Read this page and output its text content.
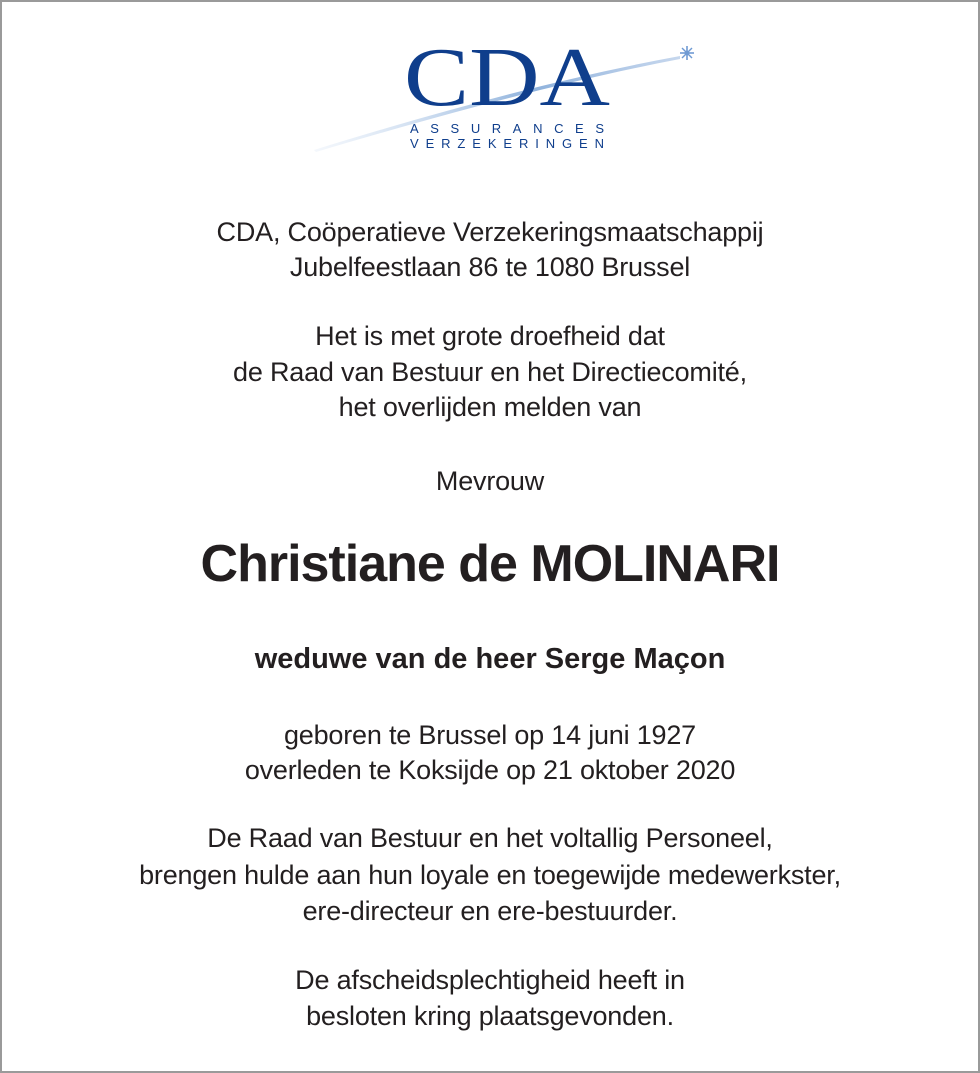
CDA
ASSURANCES
VERZEKERINGEN
CDA, Coöperatieve Verzekeringsmaatschappij
Jubelfeestlaan 86 te 1080 Brussel
Het is met grote droefheid dat
de Raad van Bestuur en het Directiecomité,
het overlijden melden van
Mevrouw
Christiane de MOLINARI
weduwe van de heer Serge Maçon
geboren te Brussel op 14 juni 1927
overleden te Koksijde op 21 oktober 2020
De Raad van Bestuur en het voltallig Personeel,
brengen hulde aan hun loyale en toegewijde medewerkster,
ere-directeur en ere-bestuurder.
De afscheidsplechtigheid heeft in
besloten kring plaatsgevonden.
